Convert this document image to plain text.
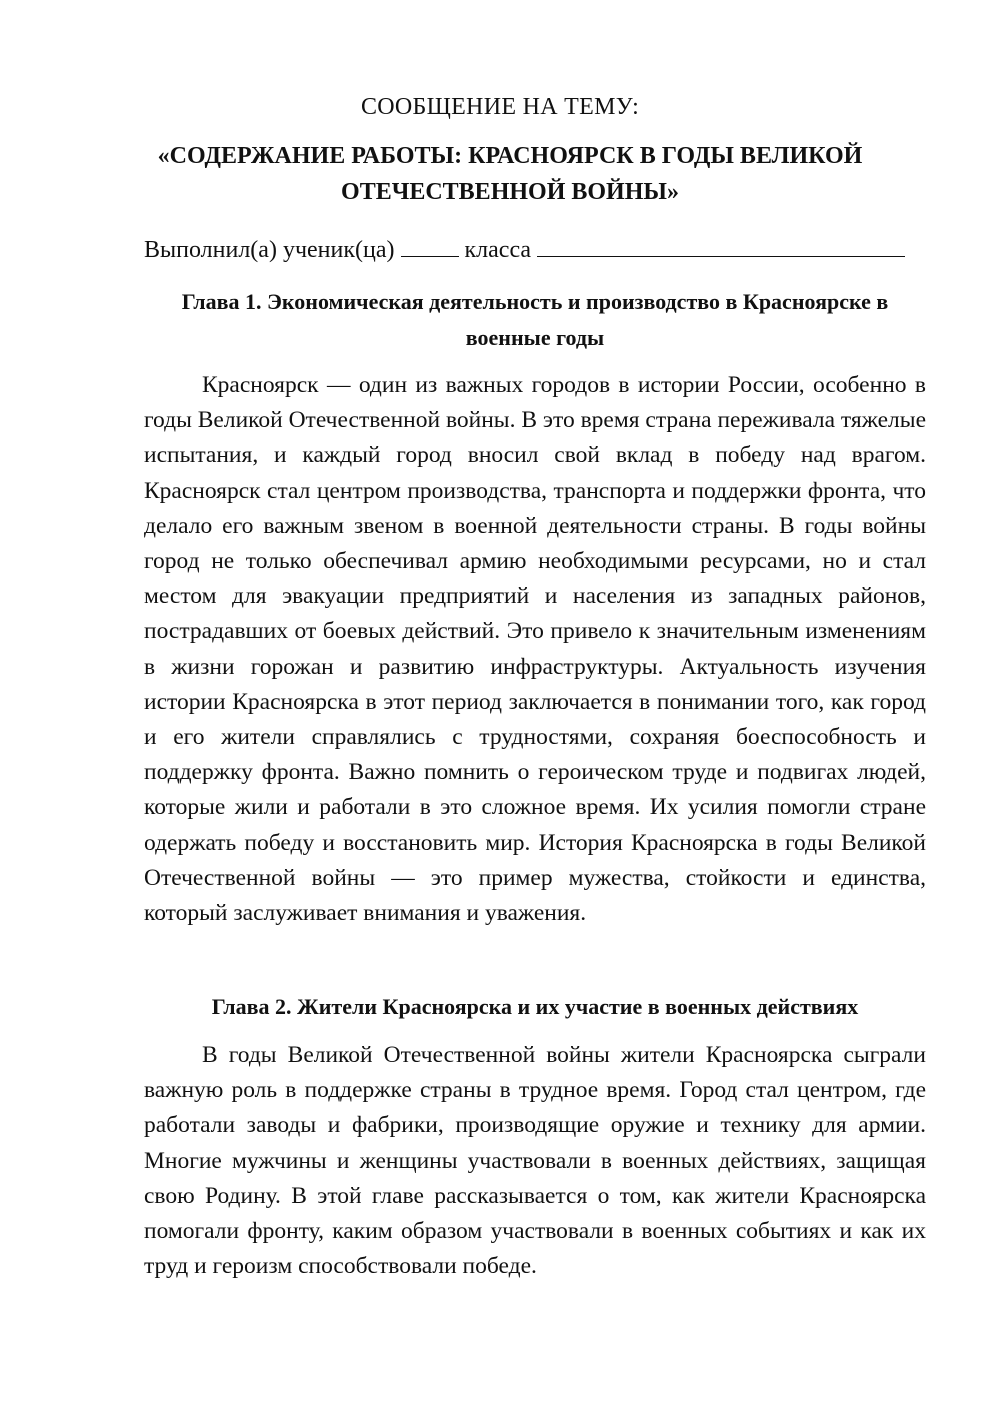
СООБЩЕНИЕ НА ТЕМУ:
«СОДЕРЖАНИЕ РАБОТЫ: КРАСНОЯРСК В ГОДЫ ВЕЛИКОЙ ОТЕЧЕСТВЕННОЙ ВОЙНЫ»
Выполнил(а) ученик(ца)	класса
Глава 1. Экономическая деятельность и производство в Красноярске в военные годы

Красноярск — один из важных городов в истории России, особенно в годы Великой Отечественной войны. В это время страна переживала тяжелые испытания, и каждый город вносил свой вклад в победу над врагом. Красноярск стал центром производства, транспорта и поддержки фронта, что делало его важным звеном в военной деятельности страны. В годы войны город не только обеспечивал армию необходимыми ресурсами, но и стал местом для эвакуации предприятий и населения из западных районов, пострадавших от боевых действий. Это привело к значительным изменениям в жизни горожан и развитию инфраструктуры. Актуальность изучения истории Красноярска в этот период заключается в понимании того, как город и его жители справлялись с трудностями, сохраняя боеспособность и поддержку фронта. Важно помнить о героическом труде и подвигах людей, которые жили и работали в это сложное время. Их усилия помогли стране одержать победу и восстановить мир. История Красноярска в годы Великой Отечественной войны — это пример мужества, стойкости и единства, который заслуживает внимания и уважения.

Глава 2. Жители Красноярска и их участие в военных действиях

В годы Великой Отечественной войны жители Красноярска сыграли важную роль в поддержке страны в трудное время. Город стал центром, где работали заводы и фабрики, производящие оружие и технику для армии. Многие мужчины и женщины участвовали в военных действиях, защищая свою Родину. В этой главе рассказывается о том, как жители Красноярска помогали фронту, каким образом участвовали в военных событиях и как их труд и героизм способствовали победе.
